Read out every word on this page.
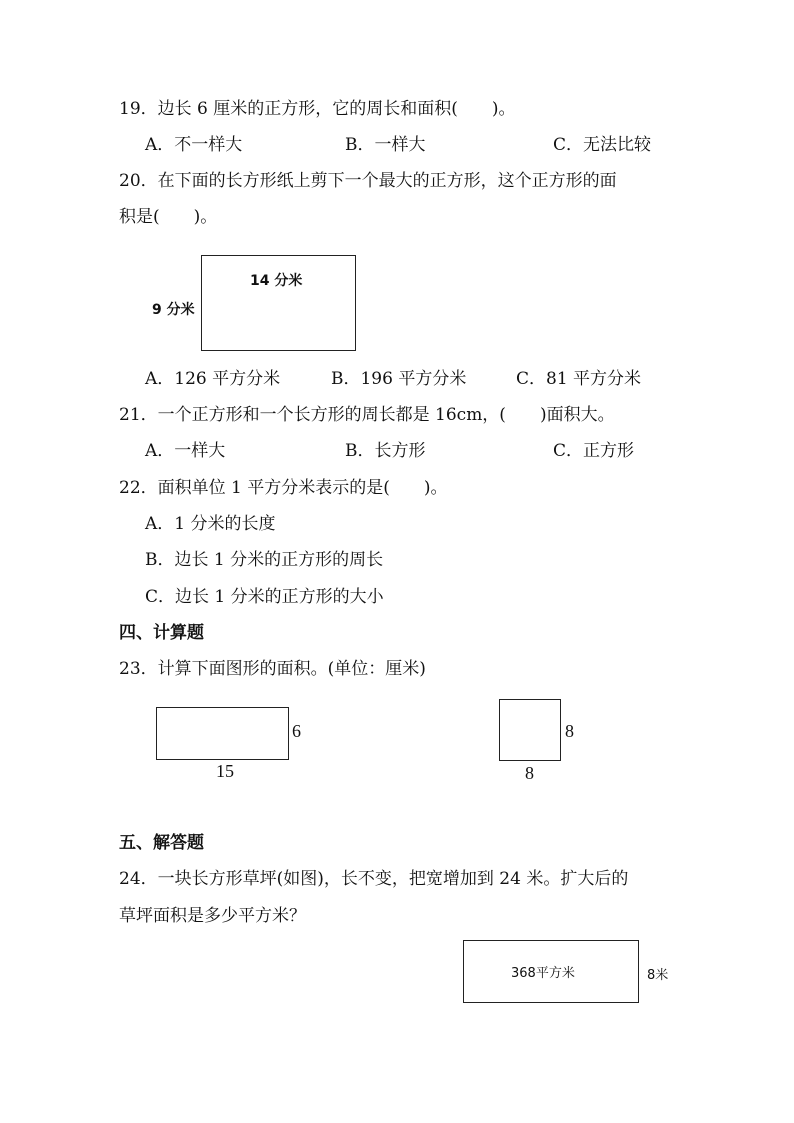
19．边长 6 厘米的正方形，它的周长和面积(　　)。
A．不一样大	B．一样大	C．无法比较
20．在下面的长方形纸上剪下一个最大的正方形，这个正方形的面
积是(　　)。
14 分米
9 分米
A．126 平方分米	B．196 平方分米	C．81 平方分米
21．一个正方形和一个长方形的周长都是 16cm，(　　)面积大。
A．一样大	B．长方形	C．正方形
22．面积单位 1 平方分米表示的是(　　)。
A．1 分米的长度
B．边长 1 分米的正方形的周长
C．边长 1 分米的正方形的大小
四、计算题
23．计算下面图形的面积。(单位：厘米)
6
15
8
8
五、解答题
24．一块长方形草坪(如图)，长不变，把宽增加到 24 米。扩大后的
草坪面积是多少平方米？
368平方米	8米
